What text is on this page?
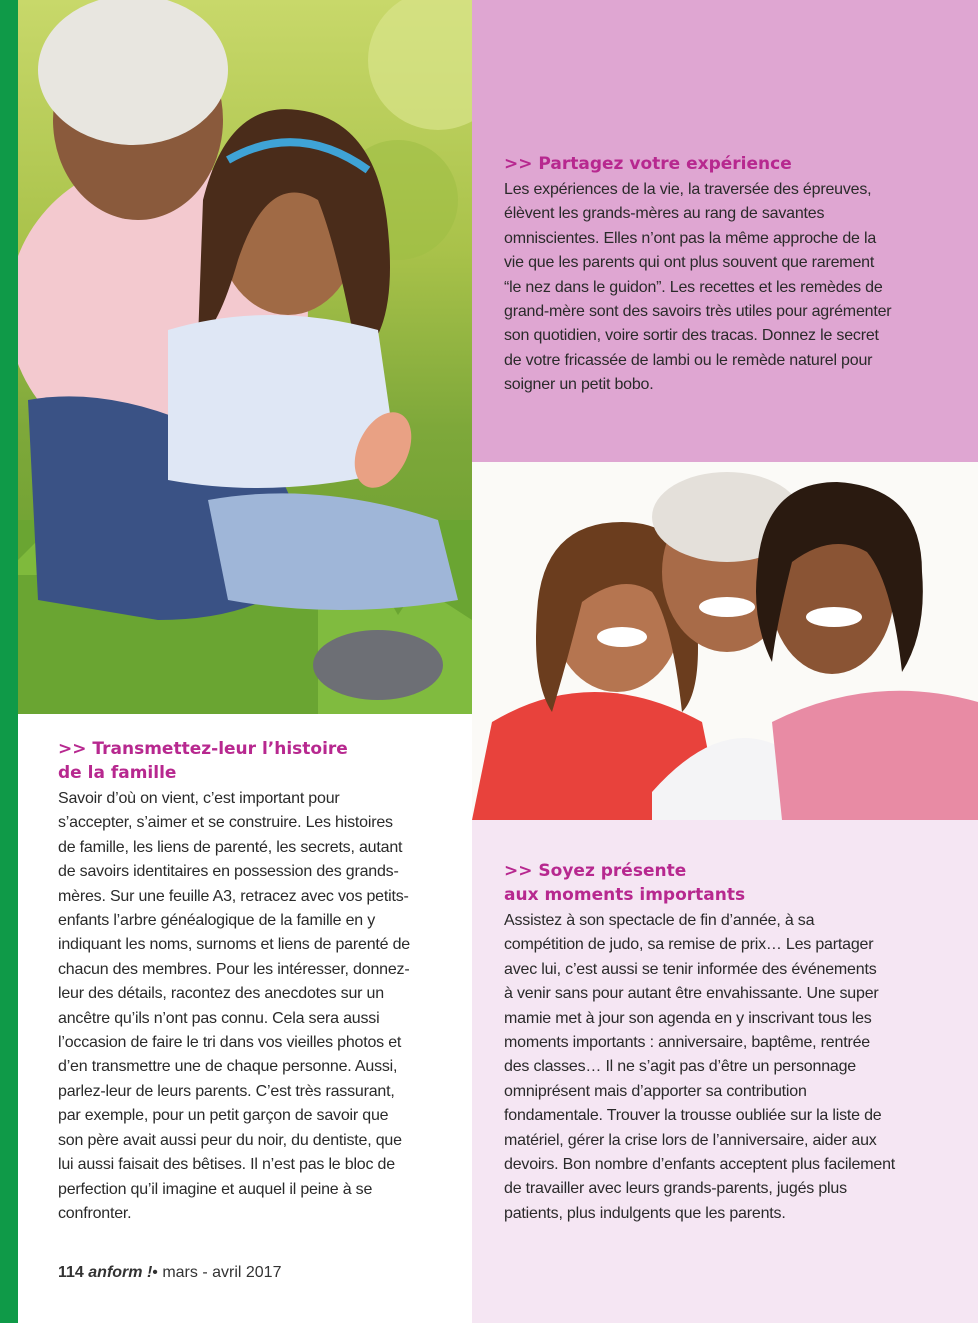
>> Partagez votre expérience

Les expériences de la vie, la traversée des épreuves,
élèvent les grands-mères au rang de savantes
omniscientes. Elles n’ont pas la même approche de la
vie que les parents qui ont plus souvent que rarement
“le nez dans le guidon”. Les recettes et les remèdes de
grand-mère sont des savoirs très utiles pour agrémenter
son quotidien, voire sortir des tracas. Donnez le secret
de votre fricassée de lambi ou le remède naturel pour
soigner un petit bobo.

>> Transmettez-leur l’histoire
de la famille

Savoir d’où on vient, c’est important pour
s’accepter, s’aimer et se construire. Les histoires
de famille, les liens de parenté, les secrets, autant
de savoirs identitaires en possession des grands-
mères. Sur une feuille A3, retracez avec vos petits-
enfants l’arbre généalogique de la famille en y
indiquant les noms, surnoms et liens de parenté de
chacun des membres. Pour les intéresser, donnez-
leur des détails, racontez des anecdotes sur un
ancêtre qu’ils n’ont pas connu. Cela sera aussi
l’occasion de faire le tri dans vos vieilles photos et
d’en transmettre une de chaque personne. Aussi,
parlez-leur de leurs parents. C’est très rassurant,
par exemple, pour un petit garçon de savoir que
son père avait aussi peur du noir, du dentiste, que
lui aussi faisait des bêtises. Il n’est pas le bloc de
perfection qu’il imagine et auquel il peine à se
confronter.

>> Soyez présente
aux moments importants

Assistez à son spectacle de fin d’année, à sa
compétition de judo, sa remise de prix… Les partager
avec lui, c’est aussi se tenir informée des événements
à venir sans pour autant être envahissante. Une super
mamie met à jour son agenda en y inscrivant tous les
moments importants : anniversaire, baptême, rentrée
des classes… Il ne s’agit pas d’être un personnage
omniprésent mais d’apporter sa contribution
fondamentale. Trouver la trousse oubliée sur la liste de
matériel, gérer la crise lors de l’anniversaire, aider aux
devoirs. Bon nombre d’enfants acceptent plus facilement
de travailler avec leurs grands-parents, jugés plus
patients, plus indulgents que les parents.

114 anform !• mars - avril 2017
